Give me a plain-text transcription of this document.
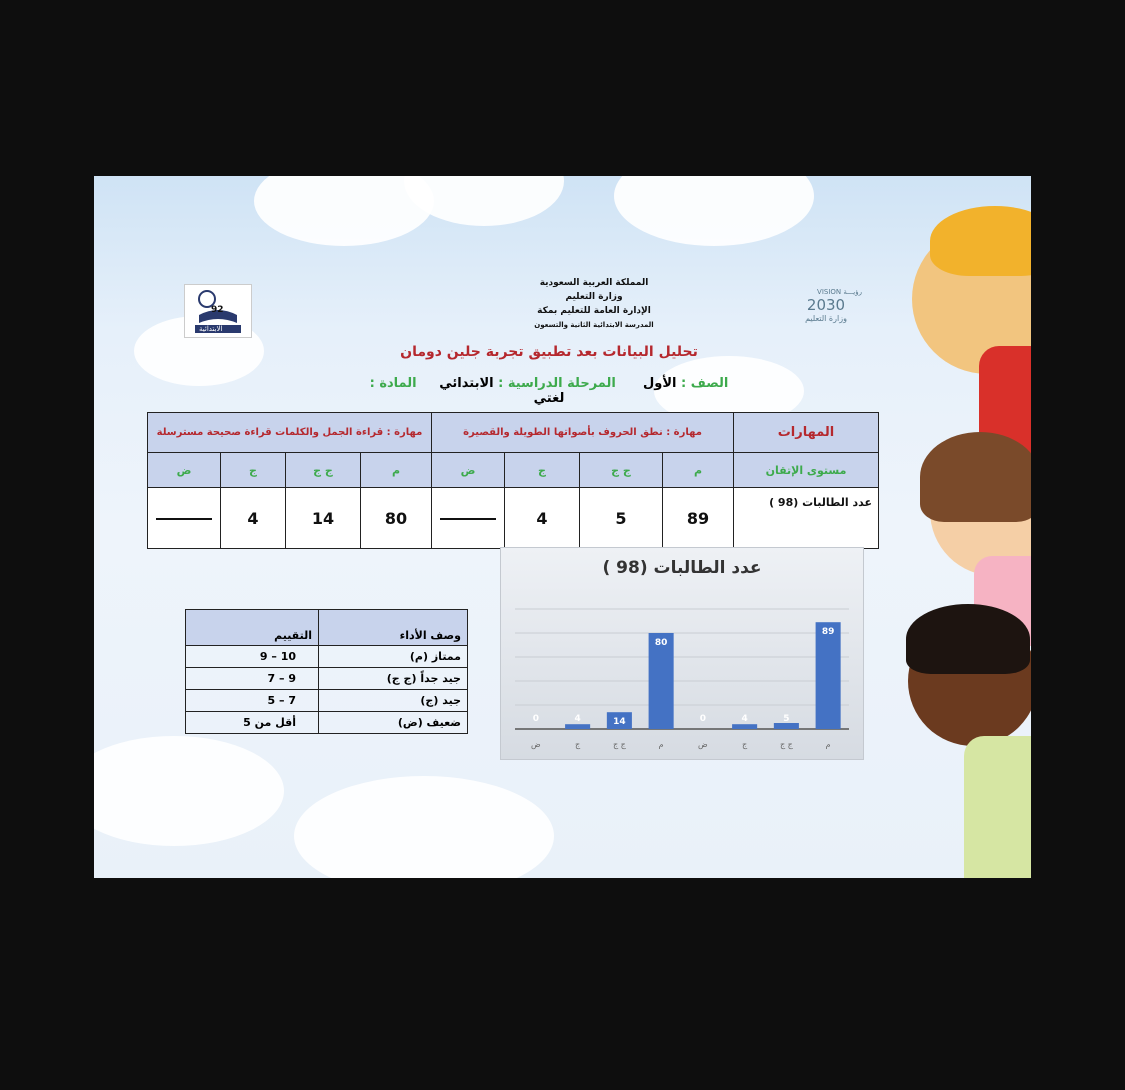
المملكة العربية السعودية
وزارة التعليم
الإدارة العامة للتعليم بمكة
المدرسة الابتدائية الثانية والتسعون
92
الابتدائية
VISION رؤيـــة
2030
وزارة التعليم
تحليل البيانات بعد تطبيق تجربة جلين دومان
الصف : الأول      المرحلة الدراسية : الابتدائي     المادة : لغتي
المهارات	مهارة : نطق الحروف بأصواتها الطويلة والقصيرة				مهارة : قراءة الجمل والكلمات قراءة صحيحة مسترسلة			
مستوى الإتقان	م	ج ج	ج	ض	م	ج ج	ج	ض
عدد الطالبات (98 )	89	5	4		80	14	4	
عدد الطالبات (98 )
0
ض
4
ج
14
ج ج
80
م
0
ض
4
ج
5
ج ج
89
م
وصف الأداء	التقييم
ممتاز (م)	10 – 9
جيد جداً (ج ج)	9 – 7
جيد (ج)	7 – 5
ضعيف (ض)	أقل من 5
